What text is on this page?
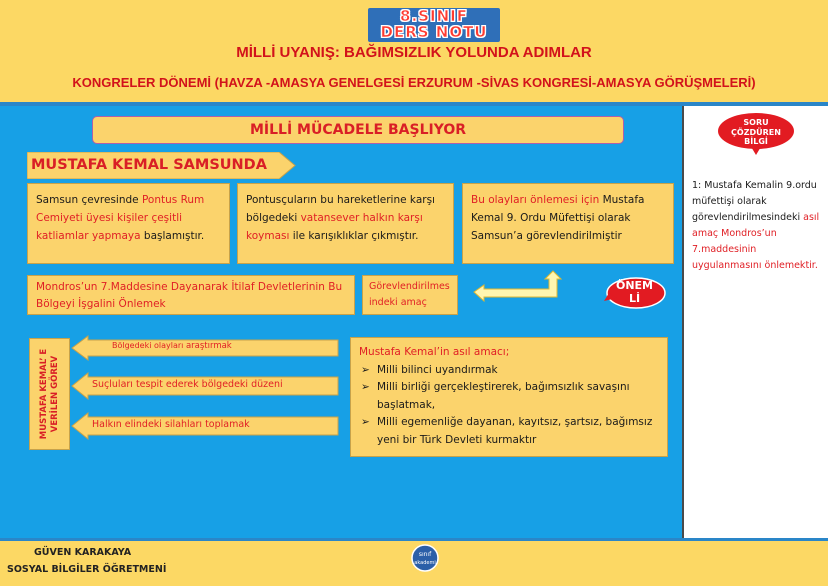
8.SINIF
DERS NOTU
MİLLİ UYANIŞ: BAĞIMSIZLIK YOLUNDA ADIMLAR
KONGRELER DÖNEMİ (HAVZA -AMASYA GENELGESİ ERZURUM -SİVAS KONGRESİ-AMASYA GÖRÜŞMELERİ)
MİLLİ MÜCADELE BAŞLIYOR
MUSTAFA KEMAL SAMSUNDA
Samsun çevresinde Pontus Rum Cemiyeti üyesi kişiler çeşitli katliamlar yapmaya başlamıştır.
Pontusçuların bu hareketlerine karşı bölgedeki vatansever halkın karşı koyması ile karışıklıklar çıkmıştır.
Bu olayları önlemesi için Mustafa Kemal 9. Ordu Müfettişi olarak Samsun’a görevlendirilmiştir
Mondros’un 7.Maddesine Dayanarak İtilaf Devletlerinin Bu Bölgeyi İşgalini Önlemek
Görevlendirilmes indeki amaç
ÖNEM
Lİ
MUSTAFA KEMAL’ E VERİLEN GÖREV
Bölgedeki olayları araştırmak
Suçluları tespit ederek bölgedeki düzeni
Halkın elindeki silahları toplamak
Mustafa Kemal’in asıl amacı;
➢ Milli bilinci uyandırmak
➢ Milli birliği gerçekleştirerek, bağımsızlık savaşını başlatmak,
➢ Milli egemenliğe dayanan, kayıtsız, şartsız, bağımsız yeni bir Türk Devleti kurmaktır
SORU
ÇÖZDÜREN
BİLGİ
1: Mustafa Kemalin 9.ordu müfettişi olarak görevlendirilmesindeki asıl amaç Mondros’un 7.maddesinin uygulanmasını önlemektir.
GÜVEN KARAKAYA
SOSYAL BİLGİLER ÖĞRETMENİ
sınıf
akademi
